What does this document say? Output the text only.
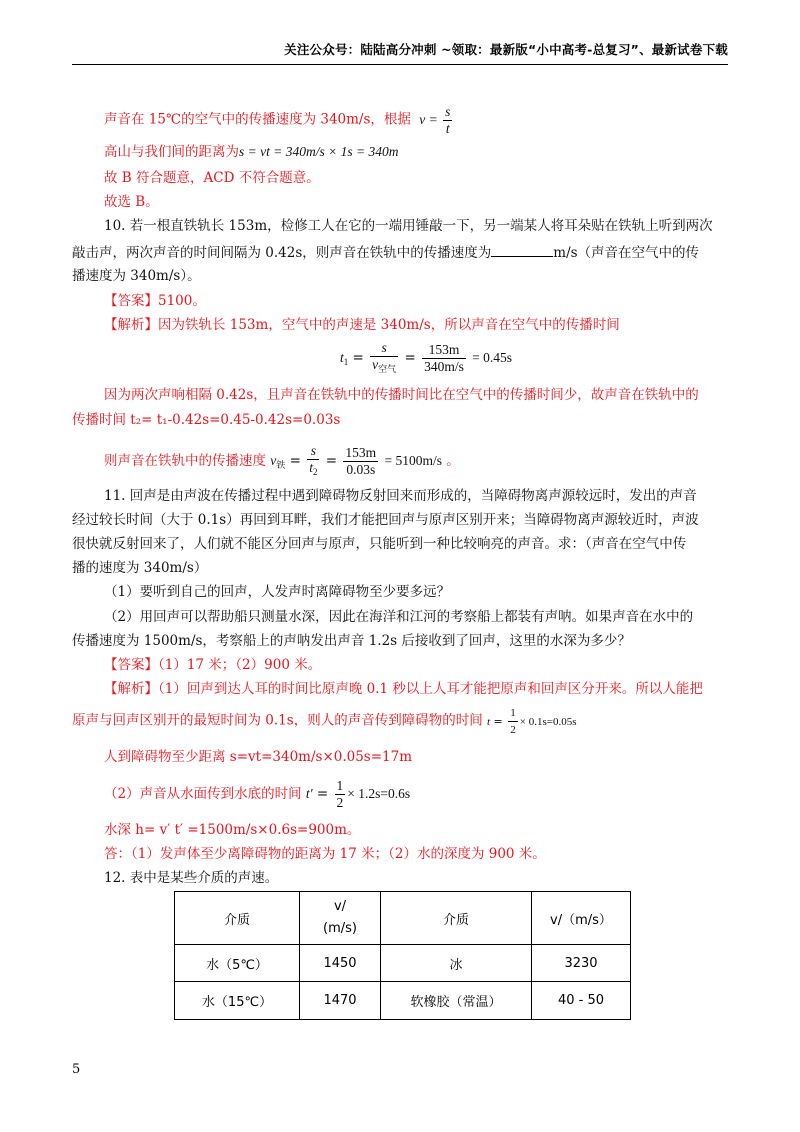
关注公众号：陆陆高分冲刺 ~领取：最新版“小中高考-总复习”、最新试卷下载
声音在 15℃的空气中的传播速度为 340m/s，根据 $v = \frac{s}{t}$
高山与我们间的距离为s = vt = 340m/s × 1s = 340m
故 B 符合题意，ACD 不符合题意。
故选 B。
10. 若一根直铁轨长 153m，检修工人在它的一端用锤敲一下，另一端某人将耳朵贴在铁轨上听到两次
敲击声，两次声音的时间间隔为 0.42s，则声音在铁轨中的传播速度为	m/s（声音在空气中的传
播速度为 340m/s）。
【答案】5100。
【解析】因为铁轨长 153m，空气中的声速是 340m/s，所以声音在空气中的传播时间
$t_1 = \frac{s}{v_{空气}} = \frac{153m}{340m/s} = 0.45s$
因为两次声响相隔 0.42s，且声音在铁轨中的传播时间比在空气中的传播时间少，故声音在铁轨中的
传播时间 t₂= t₁-0.42s=0.45-0.42s=0.03s
则声音在铁轨中的传播速度 $v_铁 = \frac{s}{t_2} = \frac{153m}{0.03s} = 5100m/s$ 。
11. 回声是由声波在传播过程中遇到障碍物反射回来而形成的，当障碍物离声源较远时，发出的声音
经过较长时间（大于 0.1s）再回到耳畔，我们才能把回声与原声区别开来；当障碍物离声源较近时，声波
很快就反射回来了，人们就不能区分回声与原声，只能听到一种比较响亮的声音。求：（声音在空气中传
播的速度为 340m/s）
（1）要听到自己的回声，人发声时离障碍物至少要多远？
（2）用回声可以帮助船只测量水深，因此在海洋和江河的考察船上都装有声呐。如果声音在水中的
传播速度为 1500m/s，考察船上的声呐发出声音 1.2s 后接收到了回声，这里的水深为多少？
【答案】（1）17 米；（2）900 米。
【解析】（1）回声到达人耳的时间比原声晚 0.1 秒以上人耳才能把原声和回声区分开来。所以人能把
原声与回声区别开的最短时间为 0.1s，则人的声音传到障碍物的时间 $t = \frac{1}{2} \times 0.1s=0.05s$
人到障碍物至少距离 s=vt=340m/s×0.05s=17m
（2）声音从水面传到水底的时间 $t' = \frac{1}{2} \times 1.2s=0.6s$
水深 h= v′ t′ =1500m/s×0.6s=900m。
答：（1）发声体至少离障碍物的距离为 17 米；（2）水的深度为 900 米。
12. 表中是某些介质的声速。
介质	v/
(m/s)	介质	v/（m/s）
水（5℃）	1450	冰	3230
水（15℃）	1470	软橡胶（常温）	40 - 50
5
